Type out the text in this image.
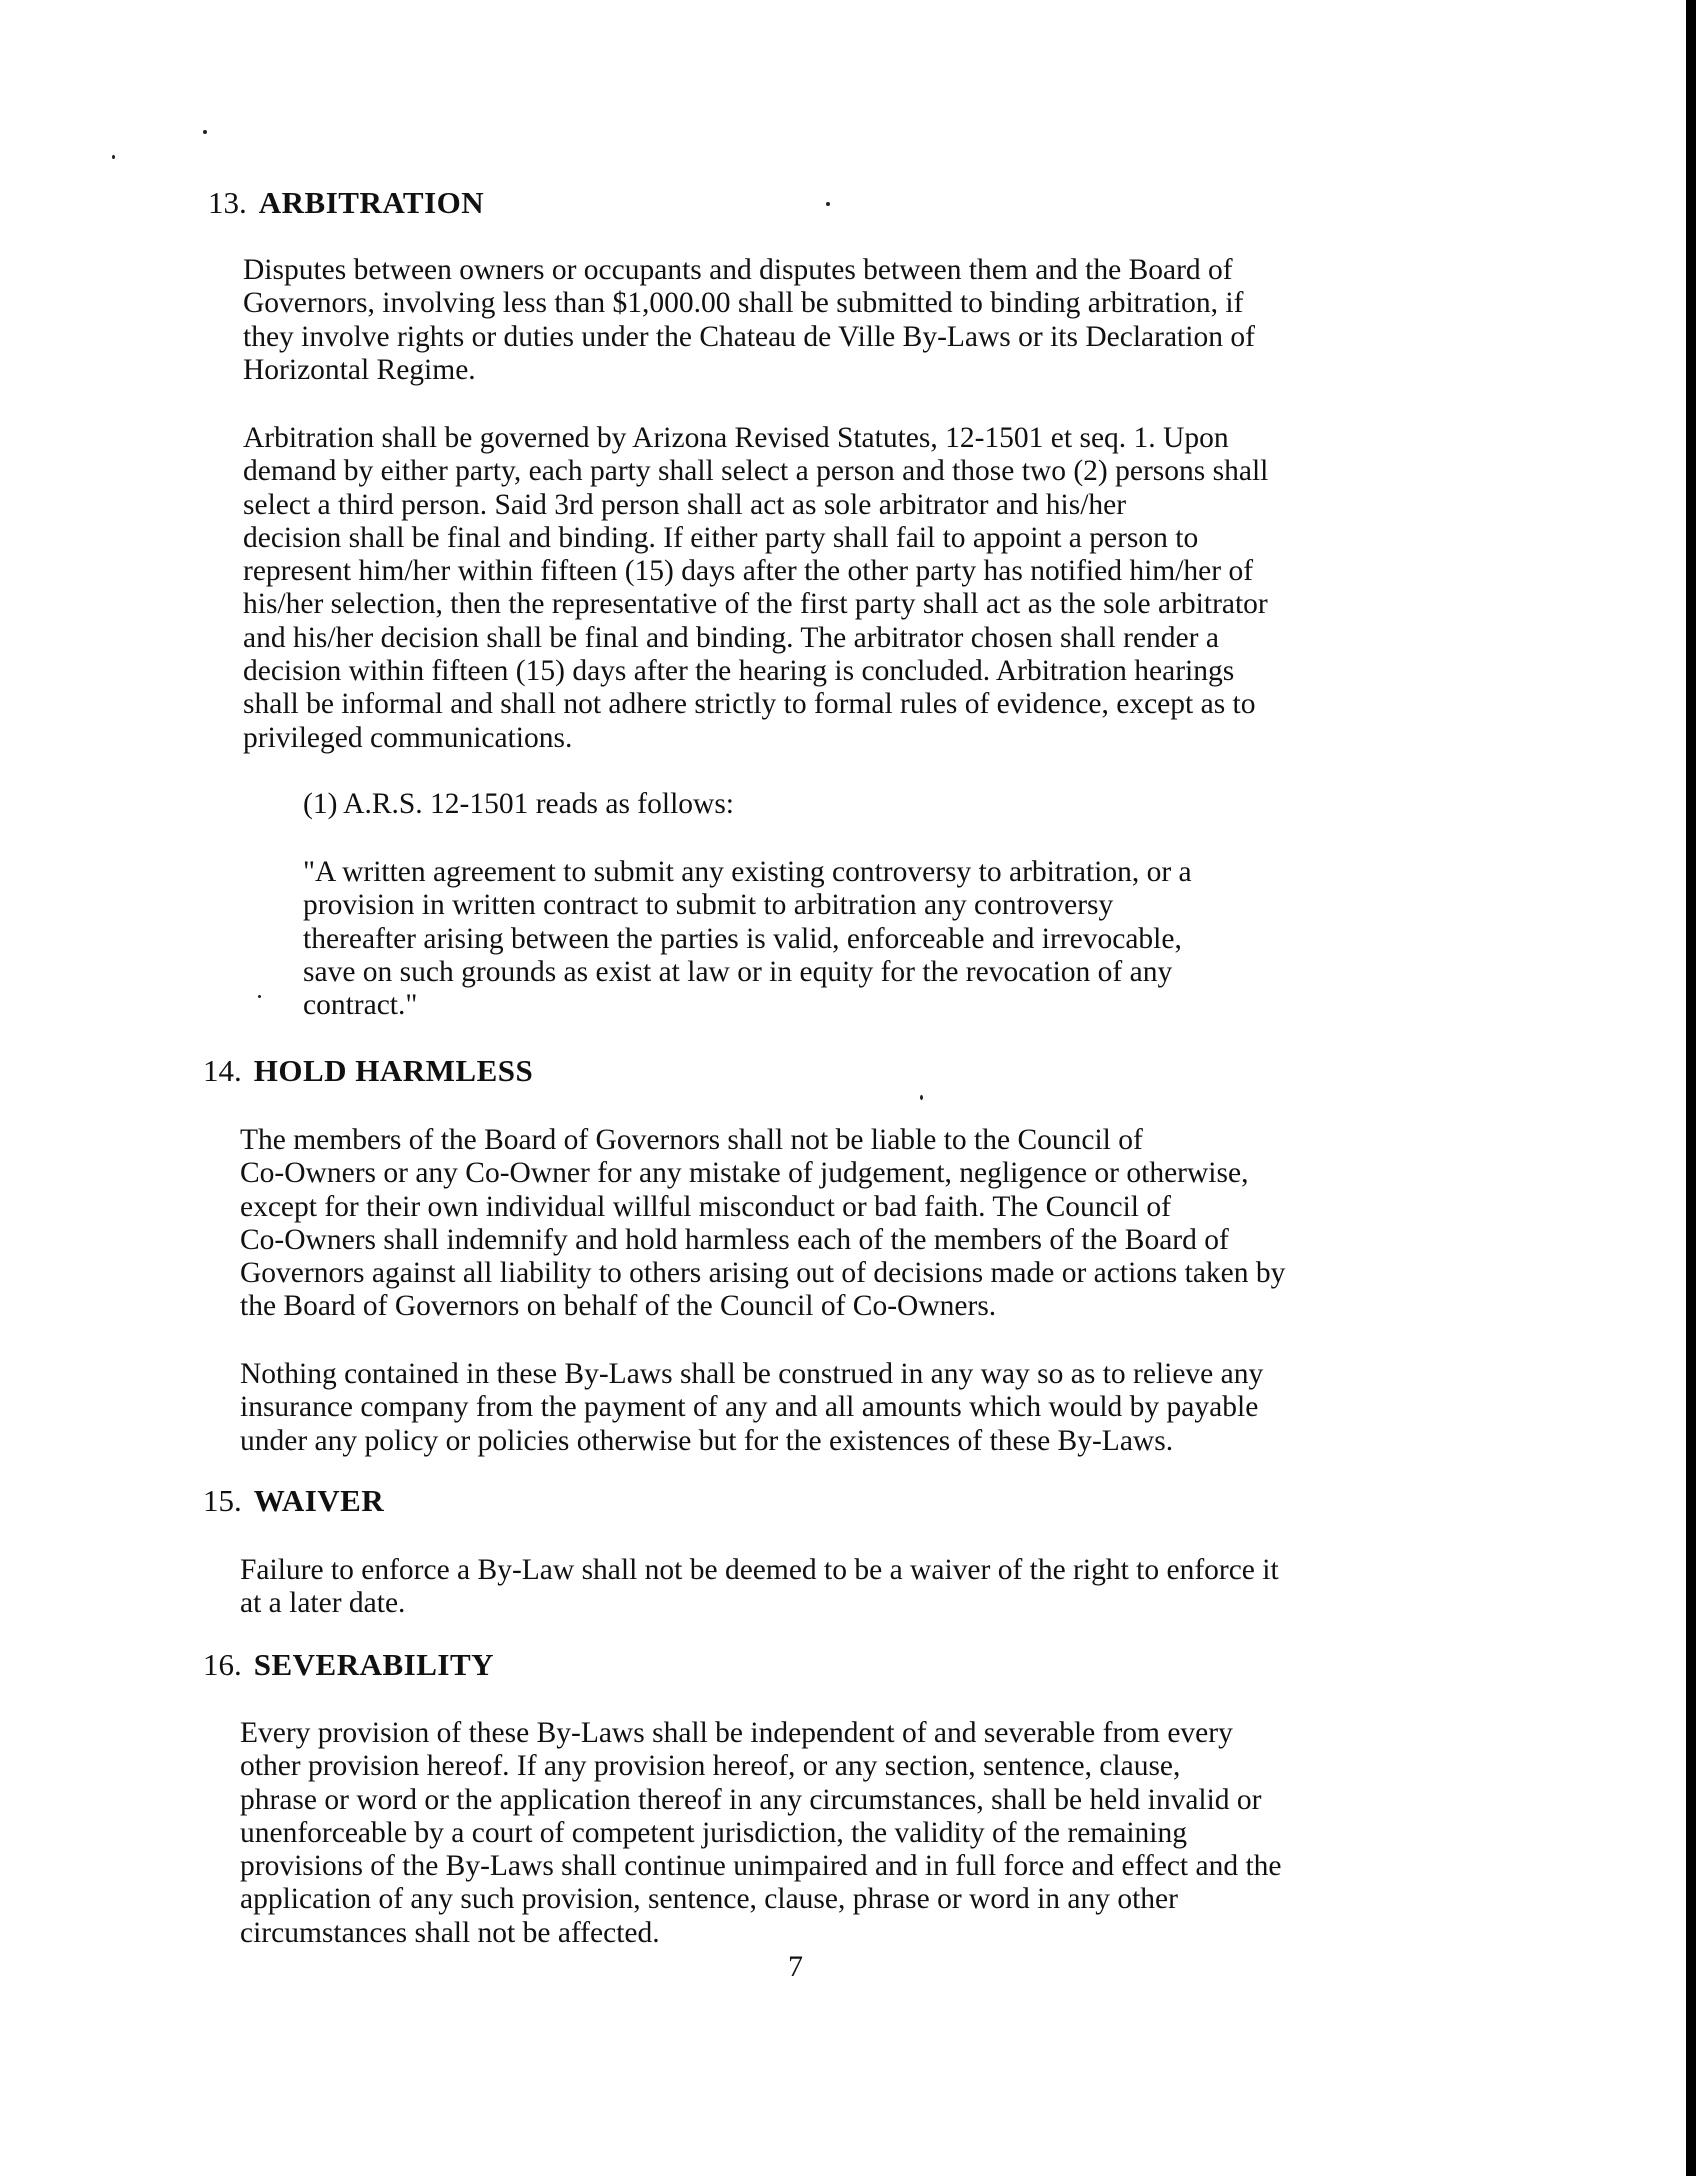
13. ARBITRATION
Disputes between owners or occupants and disputes between them and the Board of
Governors, involving less than $1,000.00 shall be submitted to binding arbitration, if
they involve rights or duties under the Chateau de Ville By-Laws or its Declaration of
Horizontal Regime.
Arbitration shall be governed by Arizona Revised Statutes, 12-1501 et seq. 1. Upon
demand by either party, each party shall select a person and those two (2) persons shall
select a third person. Said 3rd person shall act as sole arbitrator and his/her
decision shall be final and binding. If either party shall fail to appoint a person to
represent him/her within fifteen (15) days after the other party has notified him/her of
his/her selection, then the representative of the first party shall act as the sole arbitrator
and his/her decision shall be final and binding. The arbitrator chosen shall render a
decision within fifteen (15) days after the hearing is concluded. Arbitration hearings
shall be informal and shall not adhere strictly to formal rules of evidence, except as to
privileged communications.
(1) A.R.S. 12-1501 reads as follows:
"A written agreement to submit any existing controversy to arbitration, or a
provision in written contract to submit to arbitration any controversy
thereafter arising between the parties is valid, enforceable and irrevocable,
save on such grounds as exist at law or in equity for the revocation of any
contract."
14. HOLD HARMLESS
The members of the Board of Governors shall not be liable to the Council of
Co-Owners or any Co-Owner for any mistake of judgement, negligence or otherwise,
except for their own individual willful misconduct or bad faith. The Council of
Co-Owners shall indemnify and hold harmless each of the members of the Board of
Governors against all liability to others arising out of decisions made or actions taken by
the Board of Governors on behalf of the Council of Co-Owners.
Nothing contained in these By-Laws shall be construed in any way so as to relieve any
insurance company from the payment of any and all amounts which would by payable
under any policy or policies otherwise but for the existences of these By-Laws.
15. WAIVER
Failure to enforce a By-Law shall not be deemed to be a waiver of the right to enforce it
at a later date.
16. SEVERABILITY
Every provision of these By-Laws shall be independent of and severable from every
other provision hereof. If any provision hereof, or any section, sentence, clause,
phrase or word or the application thereof in any circumstances, shall be held invalid or
unenforceable by a court of competent jurisdiction, the validity of the remaining
provisions of the By-Laws shall continue unimpaired and in full force and effect and the
application of any such provision, sentence, clause, phrase or word in any other
circumstances shall not be affected.
7
